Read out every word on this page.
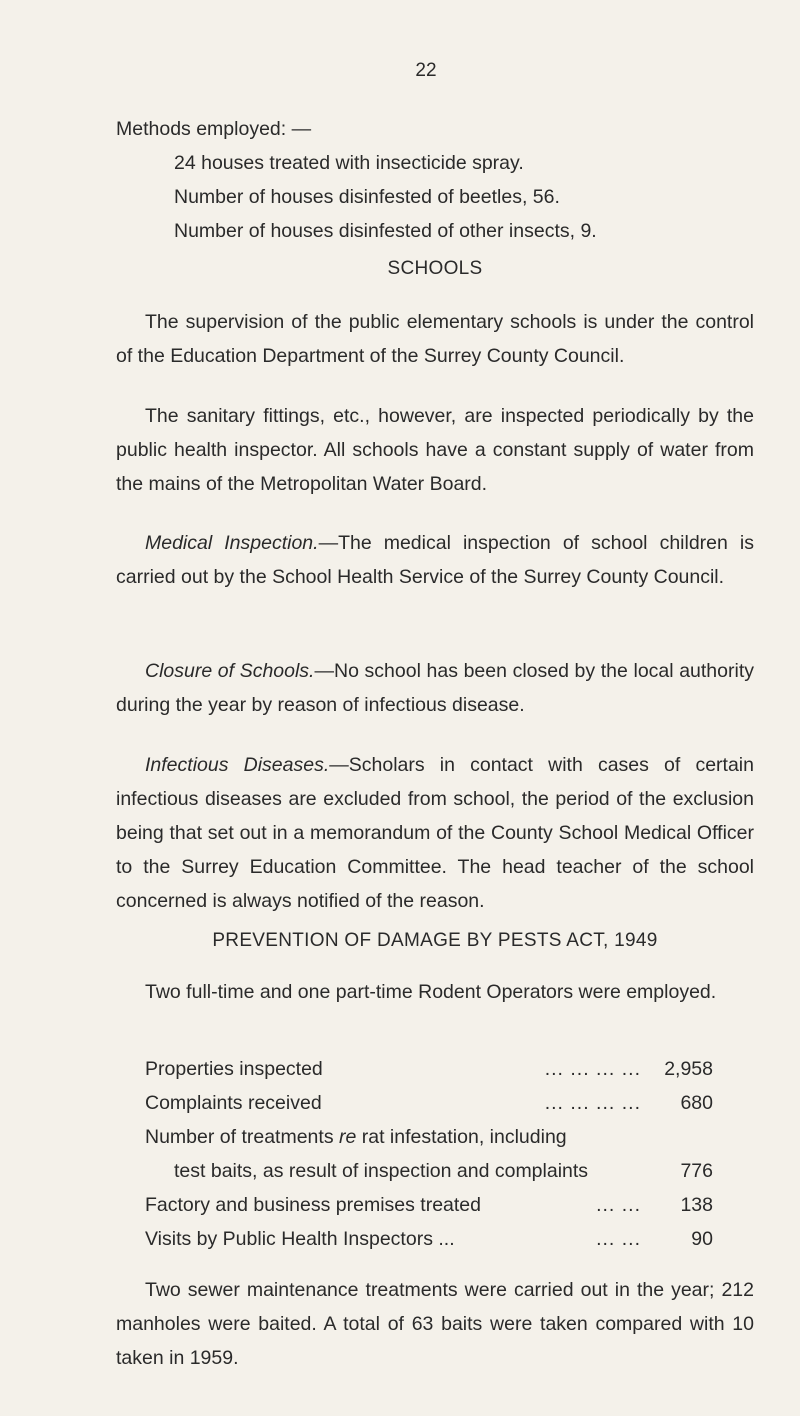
22
Methods employed: —
24 houses treated with insecticide spray.
Number of houses disinfested of beetles, 56.
Number of houses disinfested of other insects, 9.
SCHOOLS
The supervision of the public elementary schools is under the control of the Education Department of the Surrey County Council.
The sanitary fittings, etc., however, are inspected periodically by the public health inspector. All schools have a constant supply of water from the mains of the Metropolitan Water Board.
Medical Inspection.—The medical inspection of school children is carried out by the School Health Service of the Surrey County Council.
Closure of Schools.—No school has been closed by the local authority during the year by reason of infectious disease.
Infectious Diseases.—Scholars in contact with cases of certain infectious diseases are excluded from school, the period of the exclusion being that set out in a memorandum of the County School Medical Officer to the Surrey Education Committee. The head teacher of the school concerned is always notified of the reason.
PREVENTION OF DAMAGE BY PESTS ACT, 1949
Two full-time and one part-time Rodent Operators were employed.
Properties inspected	... ... ... ...	2,958
Complaints received	... ... ... ...	680
Number of treatments re rat infestation, including
test baits, as result of inspection and complaints	776
Factory and business premises treated	... ...	138
Visits by Public Health Inspectors ...	... ...	90
Two sewer maintenance treatments were carried out in the year; 212 manholes were baited. A total of 63 baits were taken compared with 10 taken in 1959.
